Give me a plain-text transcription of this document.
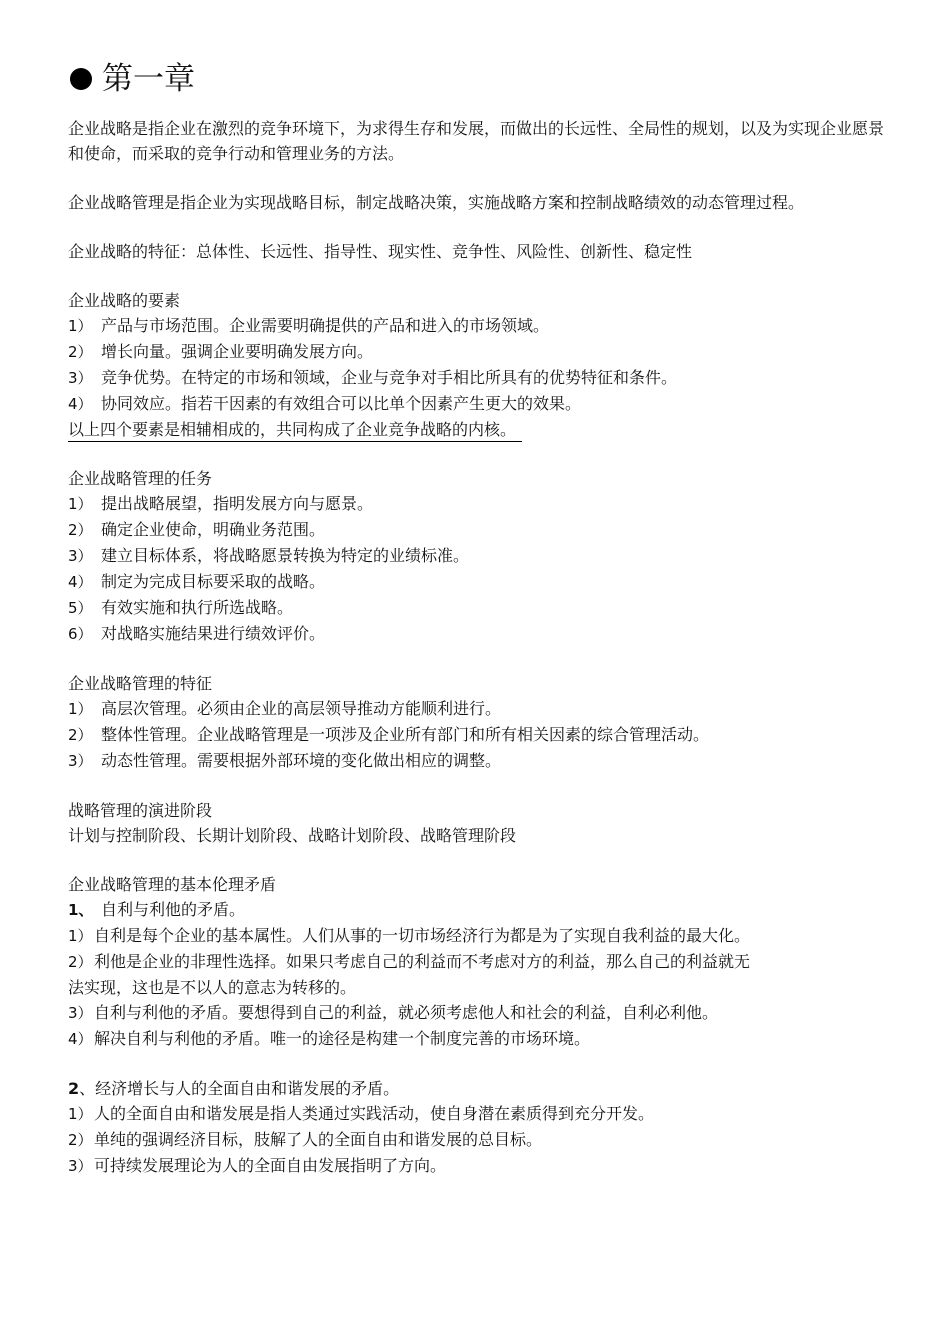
第一章
企业战略是指企业在激烈的竞争环境下，为求得生存和发展，而做出的长远性、全局性的规划，以及为实现企业愿景和使命，而采取的竞争行动和管理业务的方法。
企业战略管理是指企业为实现战略目标，制定战略决策，实施战略方案和控制战略绩效的动态管理过程。
企业战略的特征：总体性、长远性、指导性、现实性、竞争性、风险性、创新性、稳定性
企业战略的要素
1） 产品与市场范围。企业需要明确提供的产品和进入的市场领域。
2） 增长向量。强调企业要明确发展方向。
3） 竞争优势。在特定的市场和领域，企业与竞争对手相比所具有的优势特征和条件。
4） 协同效应。指若干因素的有效组合可以比单个因素产生更大的效果。
以上四个要素是相辅相成的，共同构成了企业竞争战略的内核。
企业战略管理的任务
1） 提出战略展望，指明发展方向与愿景。
2） 确定企业使命，明确业务范围。
3） 建立目标体系，将战略愿景转换为特定的业绩标准。
4） 制定为完成目标要采取的战略。
5） 有效实施和执行所选战略。
6） 对战略实施结果进行绩效评价。
企业战略管理的特征
1） 高层次管理。必须由企业的高层领导推动方能顺利进行。
2） 整体性管理。企业战略管理是一项涉及企业所有部门和所有相关因素的综合管理活动。
3） 动态性管理。需要根据外部环境的变化做出相应的调整。
战略管理的演进阶段
计划与控制阶段、长期计划阶段、战略计划阶段、战略管理阶段
企业战略管理的基本伦理矛盾
1、 自利与利他的矛盾。
1）自利是每个企业的基本属性。人们从事的一切市场经济行为都是为了实现自我利益的最大化。
2）利他是企业的非理性选择。如果只考虑自己的利益而不考虑对方的利益，那么自己的利益就无
法实现，这也是不以人的意志为转移的。
3）自利与利他的矛盾。要想得到自己的利益，就必须考虑他人和社会的利益，自利必利他。
4）解决自利与利他的矛盾。唯一的途径是构建一个制度完善的市场环境。
2、经济增长与人的全面自由和谐发展的矛盾。
1）人的全面自由和谐发展是指人类通过实践活动，使自身潜在素质得到充分开发。
2）单纯的强调经济目标，肢解了人的全面自由和谐发展的总目标。
3）可持续发展理论为人的全面自由发展指明了方向。
